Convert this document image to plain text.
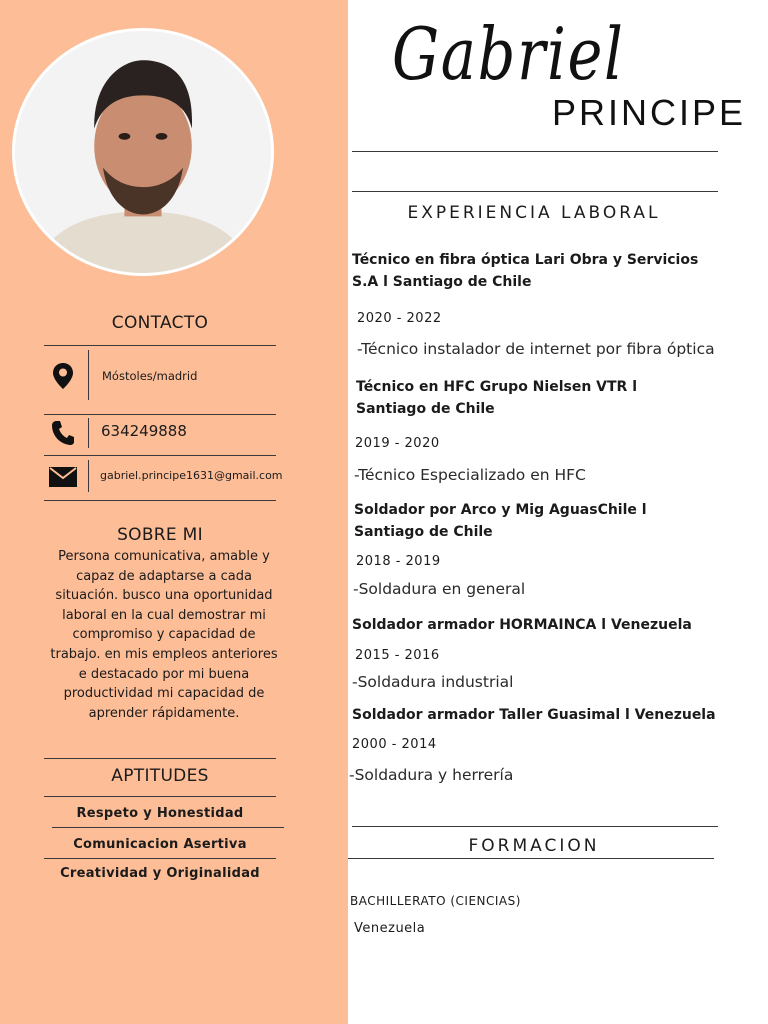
CONTACTO
Móstoles/madrid
634249888
gabriel.principe1631@gmail.com
SOBRE MI
Persona comunicativa, amable y capaz de adaptarse a cada situación. busco una oportunidad laboral en la cual demostrar mi compromiso y capacidad de trabajo. en mis empleos anteriores e destacado por mi buena productividad mi capacidad de aprender rápidamente.
APTITUDES
Respeto y Honestidad
Comunicacion Asertiva
Creatividad y Originalidad
Gabriel
PRINCIPE
EXPERIENCIA LABORAL
Técnico en fibra óptica Lari Obra y Servicios
S.A l Santiago de Chile
2020 - 2022
-Técnico instalador de internet por fibra óptica
Técnico en HFC Grupo Nielsen VTR l
Santiago de Chile
2019 - 2020
-Técnico Especializado en HFC
Soldador por Arco y Mig AguasChile l
Santiago de Chile
2018 - 2019
-Soldadura en general
Soldador armador HORMAINCA l Venezuela
2015 - 2016
-Soldadura industrial
Soldador armador Taller Guasimal l Venezuela
2000 - 2014
-Soldadura y herrería
FORMACION
BACHILLERATO (CIENCIAS)
Venezuela
